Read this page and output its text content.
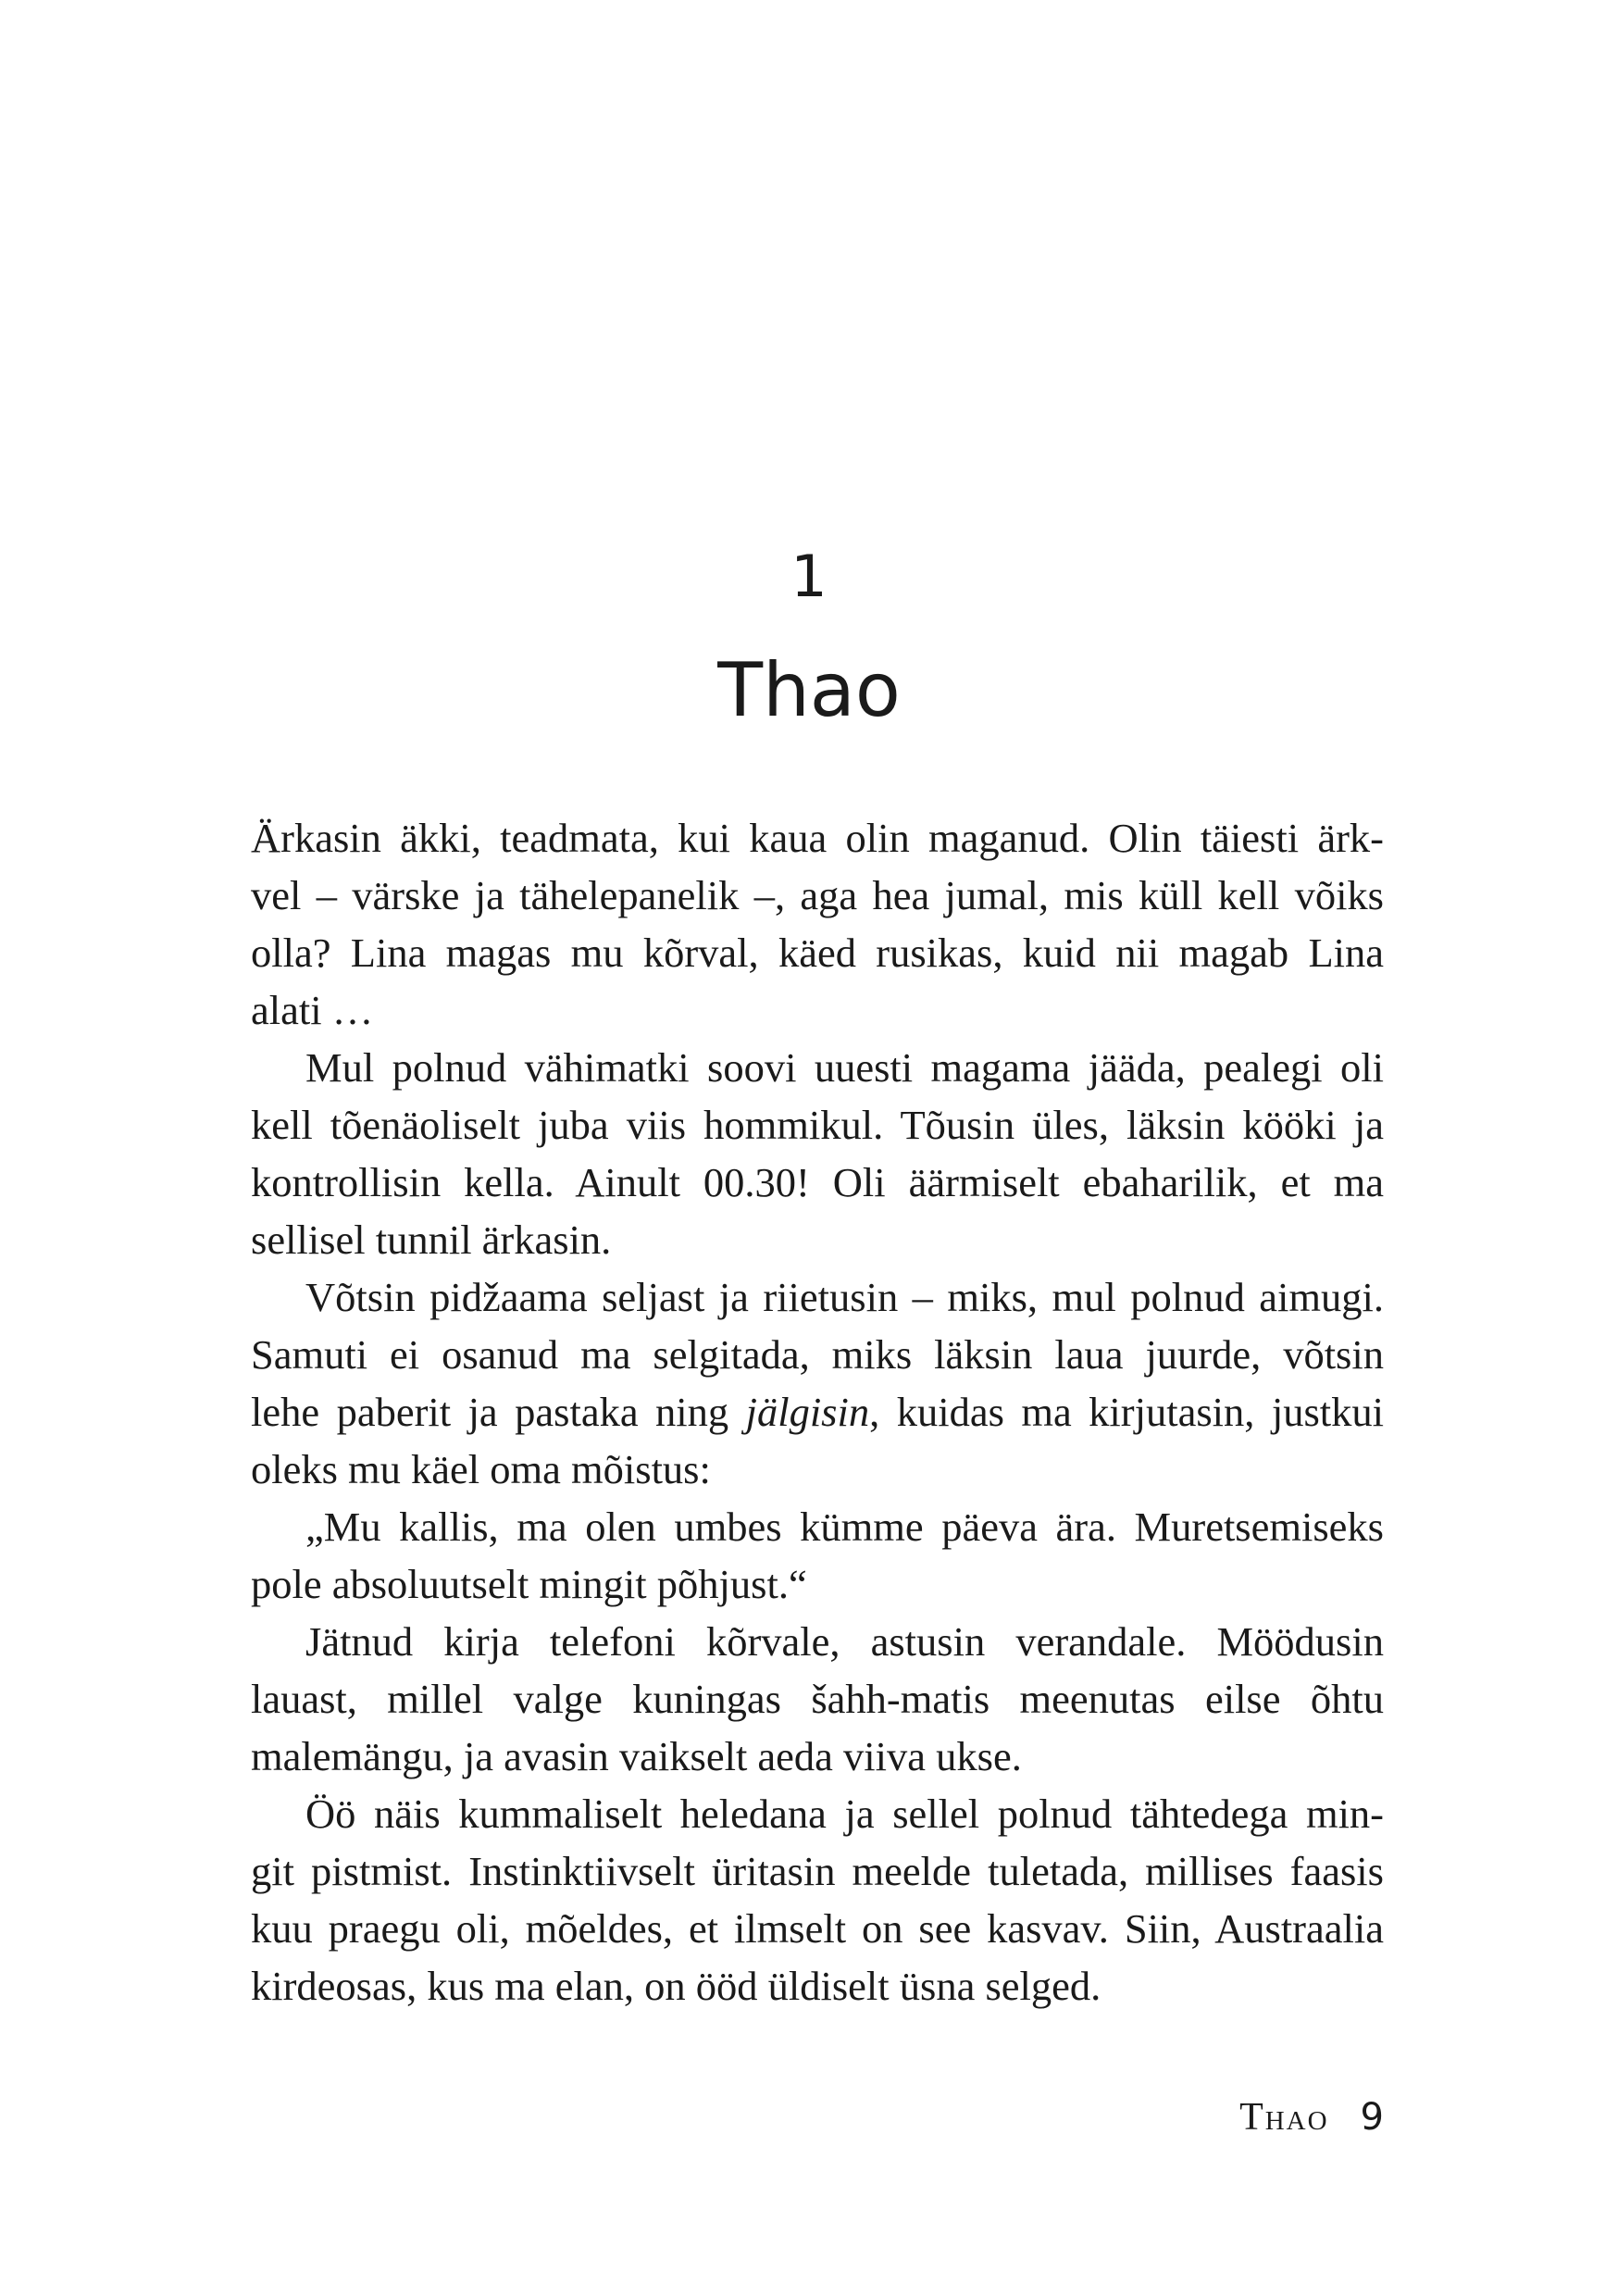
1
Thao
Ärkasin äkki, teadmata, kui kaua olin maganud. Olin täiesti ärk-
vel – värske ja tähelepanelik –, aga hea jumal, mis küll kell võiks
olla? Lina magas mu kõrval, käed rusikas, kuid nii magab Lina
alati …
Mul polnud vähimatki soovi uuesti magama jääda, pealegi oli
kell tõenäoliselt juba viis hommikul. Tõusin üles, läksin kööki ja
kontrollisin kella. Ainult 00.30! Oli äärmiselt ebaharilik, et ma
sellisel tunnil ärkasin.
Võtsin pidžaama seljast ja riietusin – miks, mul polnud aimugi.
Samuti ei osanud ma selgitada, miks läksin laua juurde, võtsin
lehe paberit ja pastaka ning jälgisin, kuidas ma kirjutasin, justkui
oleks mu käel oma mõistus:
„Mu kallis, ma olen umbes kümme päeva ära. Muretsemiseks
pole absoluutselt mingit põhjust.“
Jätnud kirja telefoni kõrvale, astusin verandale. Möödusin
lauast, millel valge kuningas šahh-matis meenutas eilse õhtu
malemängu, ja avasin vaikselt aeda viiva ukse.
Öö näis kummaliselt heledana ja sellel polnud tähtedega min-
git pistmist. Instinktiivselt üritasin meelde tuletada, millises faasis
kuu praegu oli, mõeldes, et ilmselt on see kasvav. Siin, Austraalia
kirdeosas, kus ma elan, on ööd üldiselt üsna selged.
Thao 9
